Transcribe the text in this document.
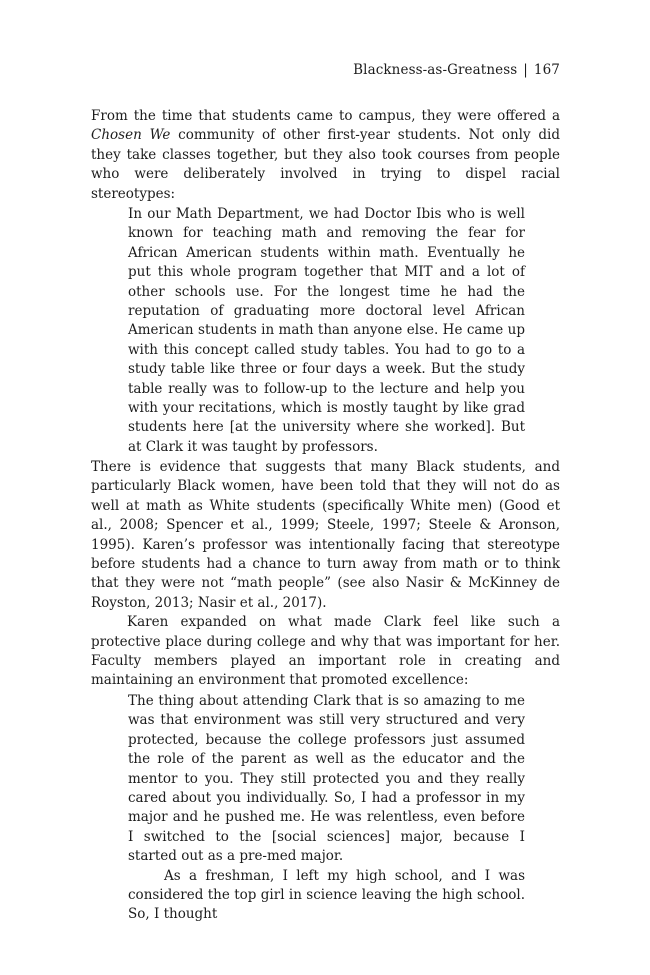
Blackness-as-Greatness | 167

From the time that students came to campus, they were offered a Chosen We community of other first-year students. Not only did they take classes together, but they also took courses from people who were deliberately involved in trying to dispel racial stereotypes:

In our Math Department, we had Doctor Ibis who is well known for teaching math and removing the fear for African American students within math. Eventually he put this whole program together that MIT and a lot of other schools use. For the longest time he had the reputation of graduating more doctoral level African American students in math than anyone else. He came up with this concept called study tables. You had to go to a study table like three or four days a week. But the study table really was to follow-up to the lecture and help you with your recitations, which is mostly taught by like grad students here [at the university where she worked]. But at Clark it was taught by professors.

There is evidence that suggests that many Black students, and particularly Black women, have been told that they will not do as well at math as White students (specifically White men) (Good et al., 2008; Spencer et al., 1999; Steele, 1997; Steele & Aronson, 1995). Karen’s professor was intentionally facing that stereotype before students had a chance to turn away from math or to think that they were not “math people” (see also Nasir & McKinney de Royston, 2013; Nasir et al., 2017).

Karen expanded on what made Clark feel like such a protective place during college and why that was important for her. Faculty members played an important role in creating and maintaining an environment that promoted excellence:

The thing about attending Clark that is so amazing to me was that environment was still very structured and very protected, because the college professors just assumed the role of the parent as well as the educator and the mentor to you. They still protected you and they really cared about you individually. So, I had a professor in my major and he pushed me. He was relentless, even before I switched to the [social sciences] major, because I started out as a pre-med major.

As a freshman, I left my high school, and I was considered the top girl in science leaving the high school. So, I thought
